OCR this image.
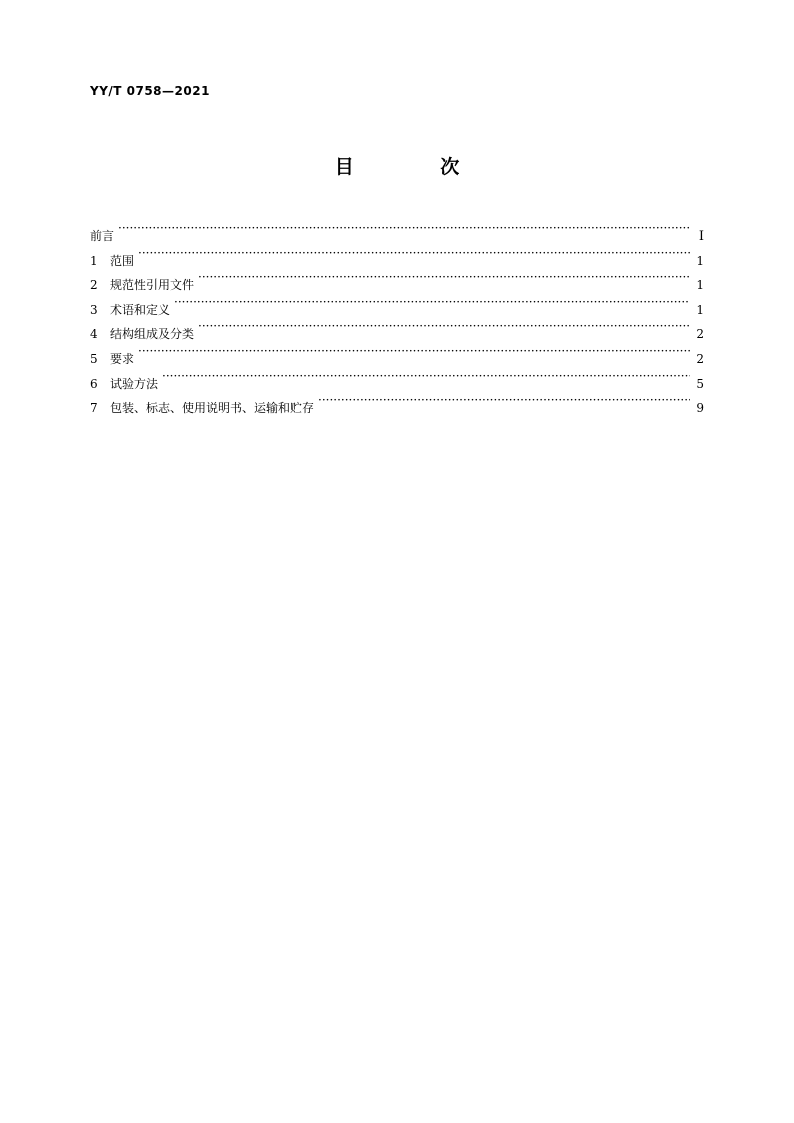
YY/T 0758—2021
目 次
前言 ·····	I
1	范围 ·····	1
2	规范性引用文件 ·····	1
3	术语和定义 ·····	1
4	结构组成及分类 ·····	2
5	要求 ·····	2
6	试验方法 ·····	5
7	包装、标志、使用说明书、运输和贮存 ·····	9
